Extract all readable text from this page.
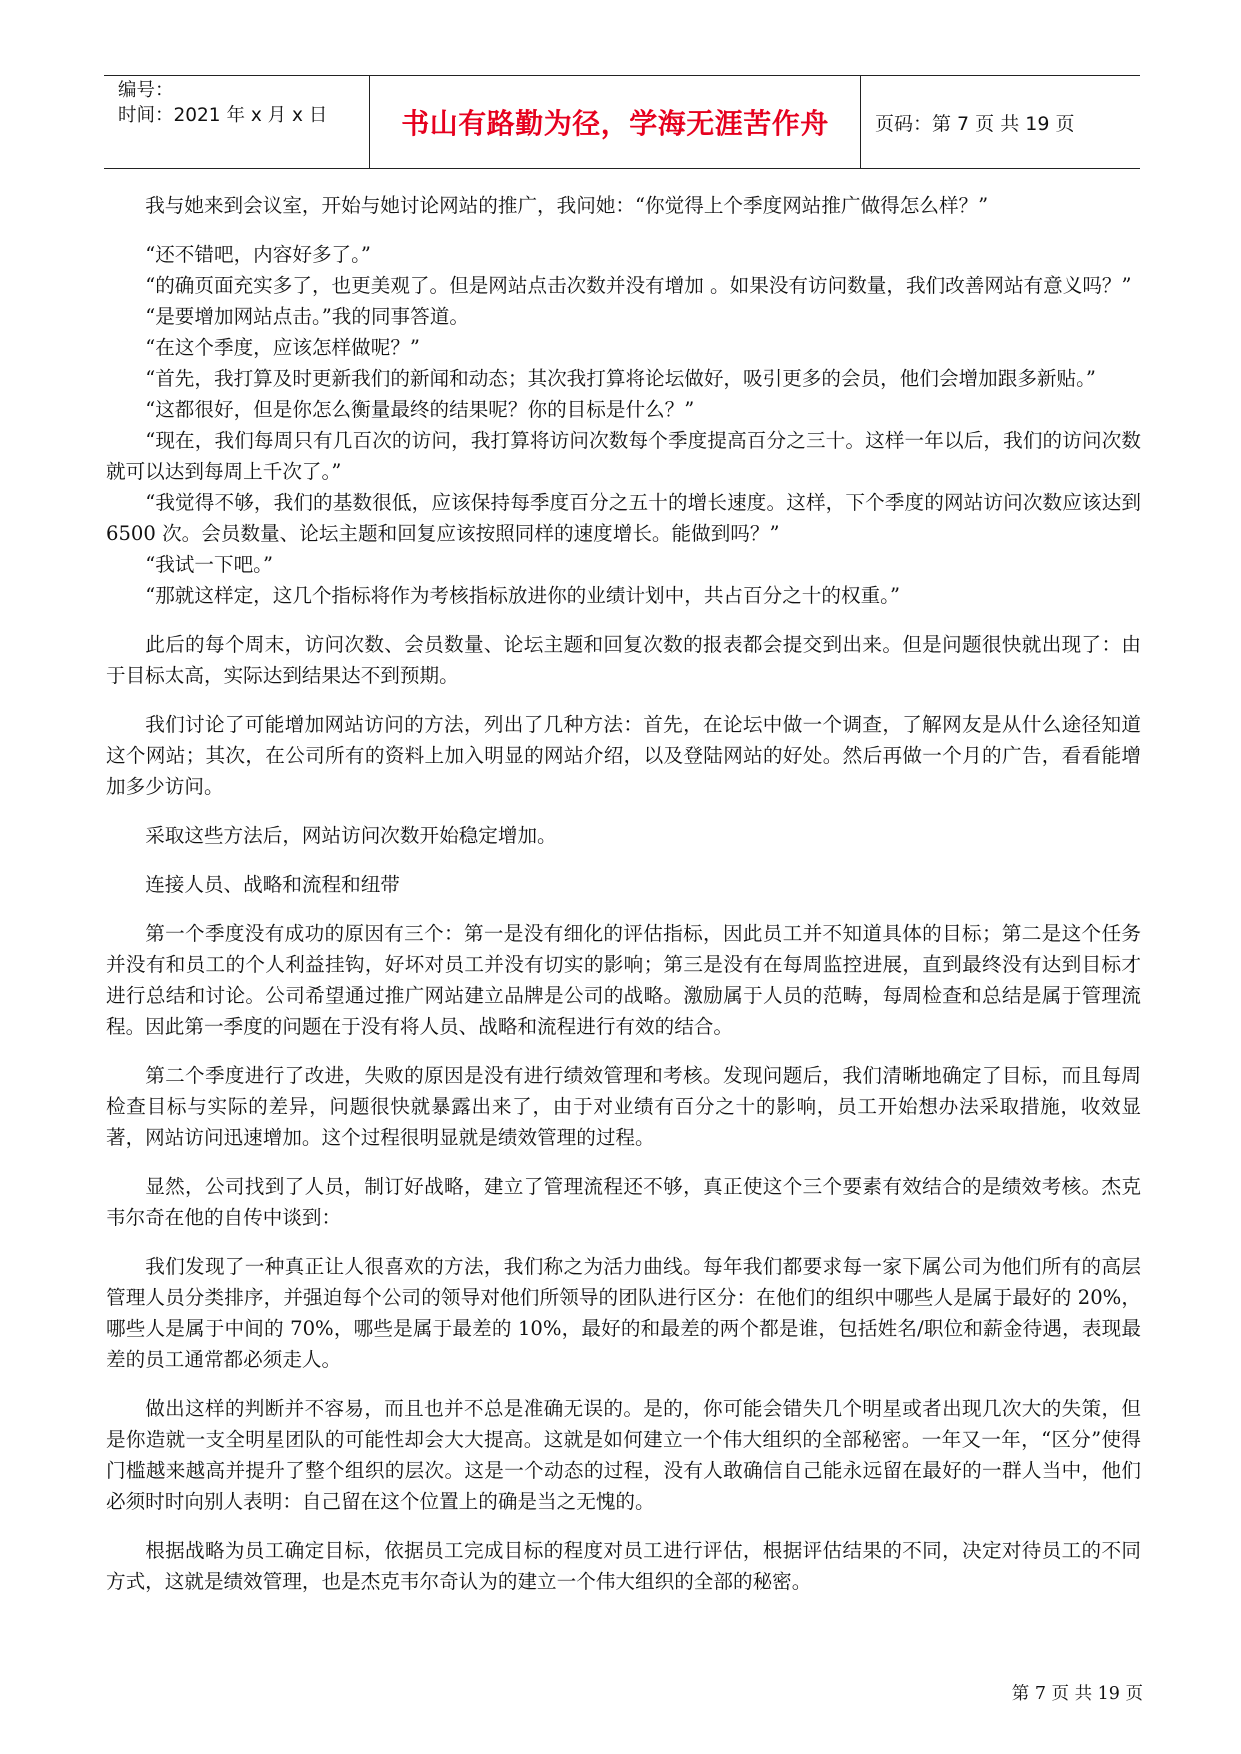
编号：
时间：2021 年 x 月 x 日	书山有路勤为径，学海无涯苦作舟 页码：第 7 页 共 19 页

我与她来到会议室，开始与她讨论网站的推广，我问她：“你觉得上个季度网站推广做得怎么样？”

“还不错吧，内容好多了。”

“的确页面充实多了，也更美观了。但是网站点击次数并没有增加 。如果没有访问数量，我们改善网站有意义吗？”

“是要增加网站点击。”我的同事答道。

“在这个季度，应该怎样做呢？”

“首先，我打算及时更新我们的新闻和动态；其次我打算将论坛做好，吸引更多的会员，他们会增加跟多新贴。”

“这都很好，但是你怎么衡量最终的结果呢？你的目标是什么？”

“现在，我们每周只有几百次的访问，我打算将访问次数每个季度提高百分之三十。这样一年以后，我们的访问次数就可以达到每周上千次了。”

“我觉得不够，我们的基数很低，应该保持每季度百分之五十的增长速度。这样，下个季度的网站访问次数应该达到 6500 次。会员数量、论坛主题和回复应该按照同样的速度增长。能做到吗？”

“我试一下吧。”

“那就这样定，这几个指标将作为考核指标放进你的业绩计划中，共占百分之十的权重。”

此后的每个周末，访问次数、会员数量、论坛主题和回复次数的报表都会提交到出来。但是问题很快就出现了：由于目标太高，实际达到结果达不到预期。

我们讨论了可能增加网站访问的方法，列出了几种方法：首先，在论坛中做一个调查，了解网友是从什么途径知道这个网站；其次，在公司所有的资料上加入明显的网站介绍，以及登陆网站的好处。然后再做一个月的广告，看看能增加多少访问。

采取这些方法后，网站访问次数开始稳定增加。

连接人员、战略和流程和纽带

第一个季度没有成功的原因有三个：第一是没有细化的评估指标，因此员工并不知道具体的目标；第二是这个任务并没有和员工的个人利益挂钩，好坏对员工并没有切实的影响；第三是没有在每周监控进展，直到最终没有达到目标才进行总结和讨论。公司希望通过推广网站建立品牌是公司的战略。激励属于人员的范畴，每周检查和总结是属于管理流程。因此第一季度的问题在于没有将人员、战略和流程进行有效的结合。

第二个季度进行了改进，失败的原因是没有进行绩效管理和考核。发现问题后，我们清晰地确定了目标，而且每周检查目标与实际的差异，问题很快就暴露出来了，由于对业绩有百分之十的影响，员工开始想办法采取措施，收效显著，网站访问迅速增加。这个过程很明显就是绩效管理的过程。

显然，公司找到了人员，制订好战略，建立了管理流程还不够，真正使这个三个要素有效结合的是绩效考核。杰克韦尔奇在他的自传中谈到：

我们发现了一种真正让人很喜欢的方法，我们称之为活力曲线。每年我们都要求每一家下属公司为他们所有的高层管理人员分类排序，并强迫每个公司的领导对他们所领导的团队进行区分：在他们的组织中哪些人是属于最好的 20%，哪些人是属于中间的 70%，哪些是属于最差的 10%，最好的和最差的两个都是谁，包括姓名/职位和薪金待遇，表现最差的员工通常都必须走人。

做出这样的判断并不容易，而且也并不总是准确无误的。是的，你可能会错失几个明星或者出现几次大的失策，但是你造就一支全明星团队的可能性却会大大提高。这就是如何建立一个伟大组织的全部秘密。一年又一年，“区分”使得门槛越来越高并提升了整个组织的层次。这是一个动态的过程，没有人敢确信自己能永远留在最好的一群人当中，他们必须时时向别人表明：自己留在这个位置上的确是当之无愧的。

根据战略为员工确定目标，依据员工完成目标的程度对员工进行评估，根据评估结果的不同，决定对待员工的不同方式，这就是绩效管理，也是杰克韦尔奇认为的建立一个伟大组织的全部的秘密。

第 7 页 共 19 页
